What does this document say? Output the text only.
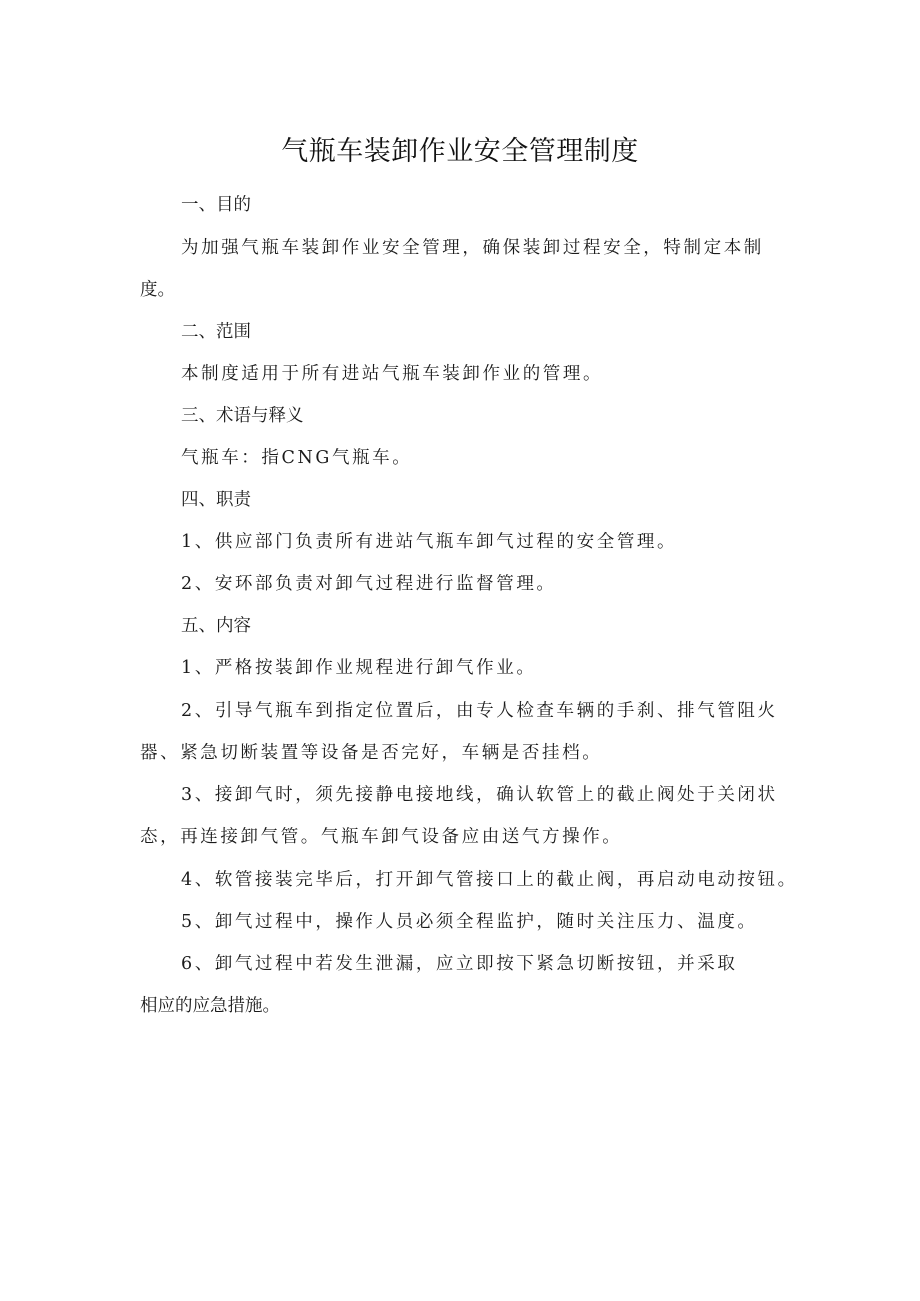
气瓶车装卸作业安全管理制度
一、目的
为加强气瓶车装卸作业安全管理，确保装卸过程安全，特制定本制
度。
二、范围
本制度适用于所有进站气瓶车装卸作业的管理。
三、术语与释义
气瓶车：指CNG气瓶车。
四、职责
1、供应部门负责所有进站气瓶车卸气过程的安全管理。
2、安环部负责对卸气过程进行监督管理。
五、内容
1、严格按装卸作业规程进行卸气作业。
2、引导气瓶车到指定位置后，由专人检查车辆的手刹、排气管阻火
器、紧急切断装置等设备是否完好，车辆是否挂档。
3、接卸气时，须先接静电接地线，确认软管上的截止阀处于关闭状
态，再连接卸气管。气瓶车卸气设备应由送气方操作。
4、软管接装完毕后，打开卸气管接口上的截止阀，再启动电动按钮。
5、卸气过程中，操作人员必须全程监护，随时关注压力、温度。
6、卸气过程中若发生泄漏，应立即按下紧急切断按钮，并采取
相应的应急措施。
